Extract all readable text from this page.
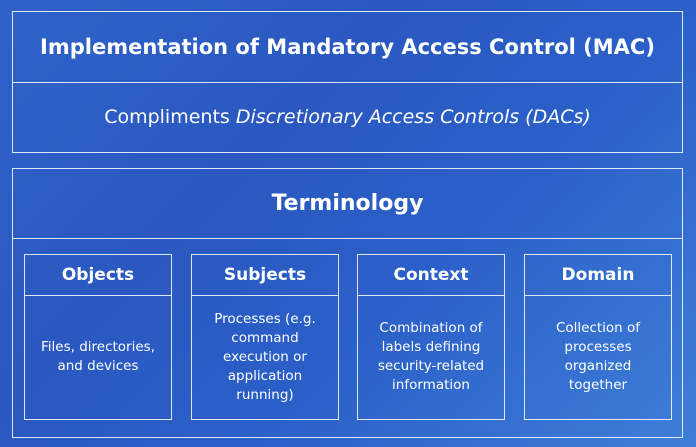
Implementation of Mandatory Access Control (MAC)
Compliments Discretionary Access Controls (DACs)
Terminology
Objects
Files, directories,
and devices
Subjects
Processes (e.g.
command
execution or
application
running)
Context
Combination of
labels defining
security-related
information
Domain
Collection of
processes
organized
together
